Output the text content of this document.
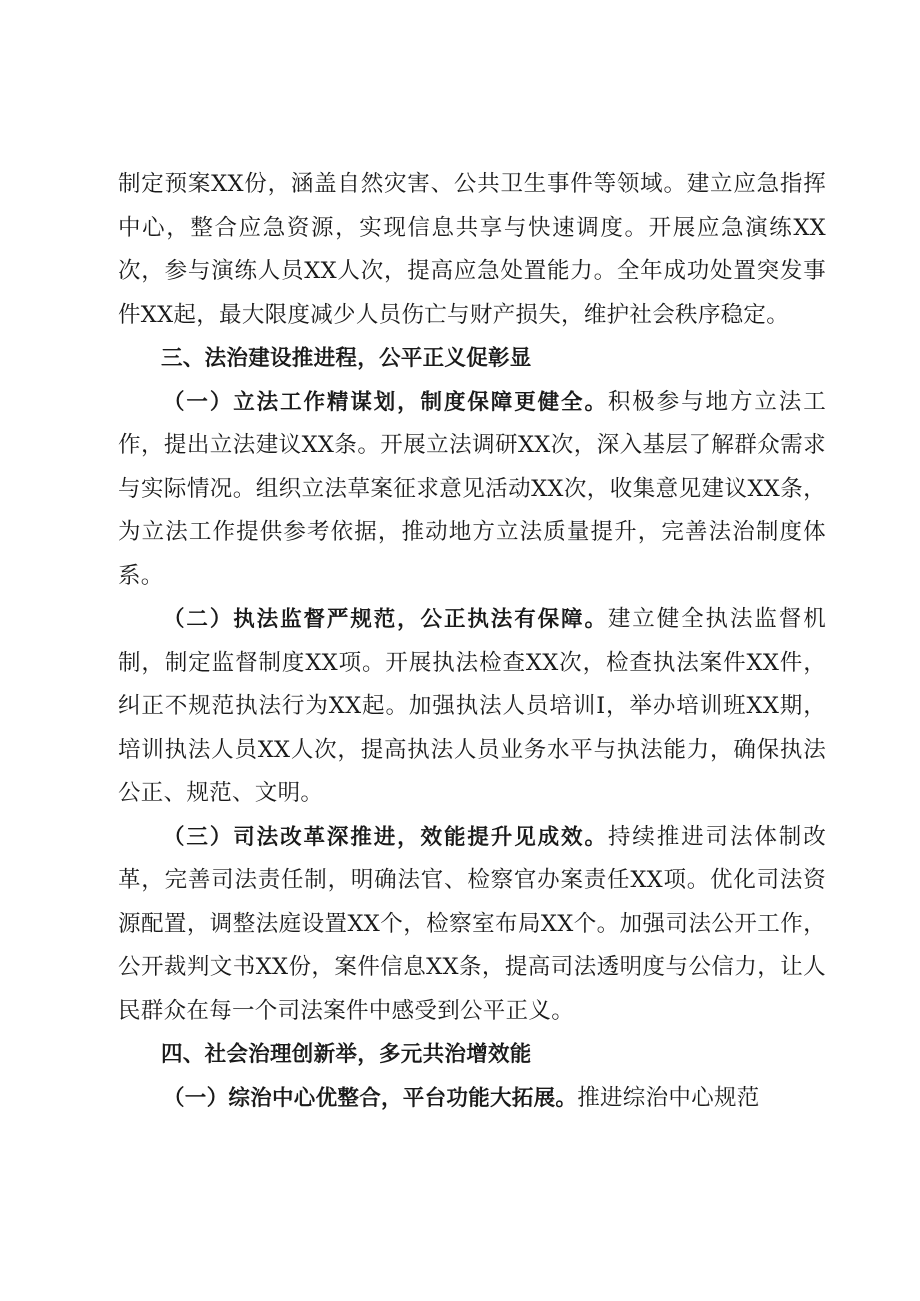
制定预案XX份，涵盖自然灾害、公共卫生事件等领域。建立应急指挥中心，整合应急资源，实现信息共享与快速调度。开展应急演练XX次，参与演练人员XX人次，提高应急处置能力。全年成功处置突发事件XX起，最大限度减少人员伤亡与财产损失，维护社会秩序稳定。

三、法治建设推进程，公平正义促彰显

（一）立法工作精谋划，制度保障更健全。积极参与地方立法工作，提出立法建议XX条。开展立法调研XX次，深入基层了解群众需求与实际情况。组织立法草案征求意见活动XX次，收集意见建议XX条，为立法工作提供参考依据，推动地方立法质量提升，完善法治制度体系。

（二）执法监督严规范，公正执法有保障。建立健全执法监督机制，制定监督制度XX项。开展执法检查XX次，检查执法案件XX件，纠正不规范执法行为XX起。加强执法人员培训I，举办培训班XX期，培训执法人员XX人次，提高执法人员业务水平与执法能力，确保执法公正、规范、文明。

（三）司法改革深推进，效能提升见成效。持续推进司法体制改革，完善司法责任制，明确法官、检察官办案责任XX项。优化司法资源配置，调整法庭设置XX个，检察室布局XX个。加强司法公开工作，公开裁判文书XX份，案件信息XX条，提高司法透明度与公信力，让人民群众在每一个司法案件中感受到公平正义。

四、社会治理创新举，多元共治增效能

（一）综治中心优整合，平台功能大拓展。推进综治中心规范
